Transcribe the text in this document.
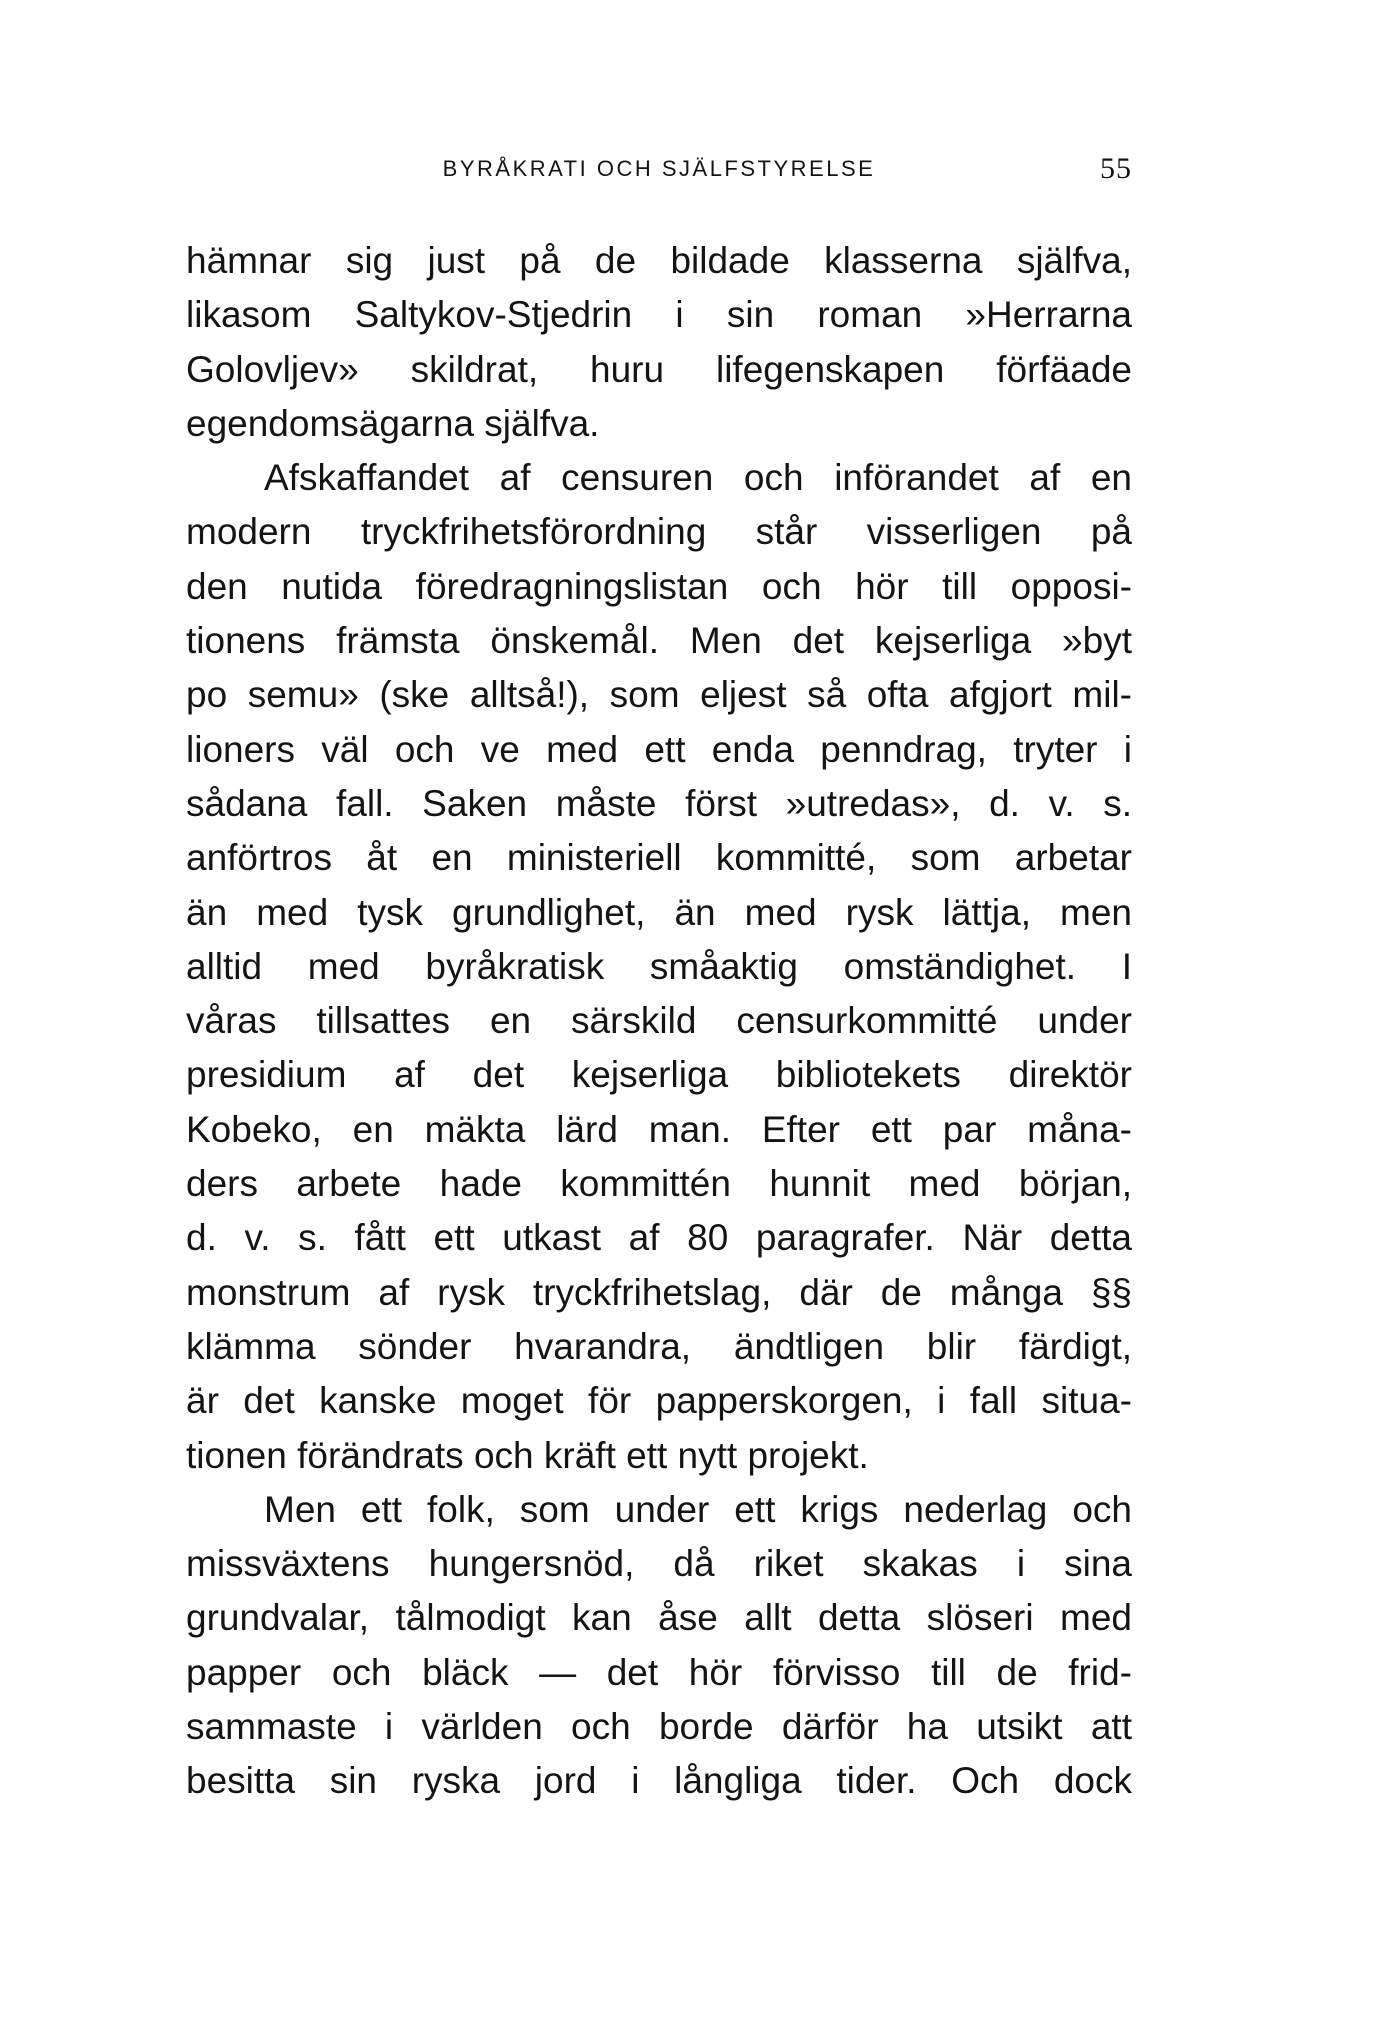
BYRÅKRATI OCH SJÄLFSTYRELSE	55
hämnar sig just på de bildade klasserna själfva,
likasom Saltykov-Stjedrin i sin roman »Herrarna
Golovljev» skildrat, huru lifegenskapen förfäade
egendomsägarna själfva.
Afskaffandet af censuren och införandet af en
modern tryckfrihetsförordning står visserligen på
den nutida föredragningslistan och hör till opposi-
tionens främsta önskemål. Men det kejserliga »byt
po semu» (ske alltså!), som eljest så ofta afgjort mil-
lioners väl och ve med ett enda penndrag, tryter i
sådana fall. Saken måste först »utredas», d. v. s.
anförtros åt en ministeriell kommitté, som arbetar
än med tysk grundlighet, än med rysk lättja, men
alltid med byråkratisk småaktig omständighet. I
våras tillsattes en särskild censurkommitté under
presidium af det kejserliga bibliotekets direktör
Kobeko, en mäkta lärd man. Efter ett par måna-
ders arbete hade kommittén hunnit med början,
d. v. s. fått ett utkast af 80 paragrafer. När detta
monstrum af rysk tryckfrihetslag, där de många §§
klämma sönder hvarandra, ändtligen blir färdigt,
är det kanske moget för papperskorgen, i fall situa-
tionen förändrats och kräft ett nytt projekt.
Men ett folk, som under ett krigs nederlag och
missväxtens hungersnöd, då riket skakas i sina
grundvalar, tålmodigt kan åse allt detta slöseri med
papper och bläck — det hör förvisso till de frid-
sammaste i världen och borde därför ha utsikt att
besitta sin ryska jord i långliga tider. Och dock
